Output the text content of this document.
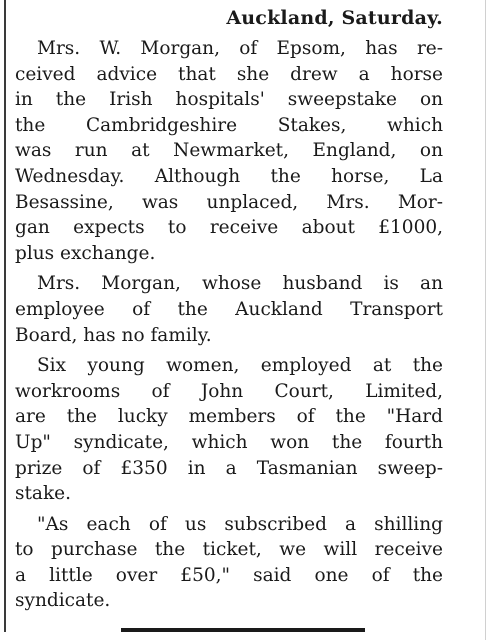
Auckland, Saturday.
Mrs. W. Morgan, of Epsom, has re-
ceived advice that she drew a horse
in the Irish hospitals' sweepstake on
the Cambridgeshire Stakes, which
was run at Newmarket, England, on
Wednesday. Although the horse, La
Besassine, was unplaced, Mrs. Mor-
gan expects to receive about £1000,
plus exchange.
Mrs. Morgan, whose husband is an
employee of the Auckland Transport
Board, has no family.
Six young women, employed at the
workrooms of John Court, Limited,
are the lucky members of the "Hard
Up" syndicate, which won the fourth
prize of £350 in a Tasmanian sweep-
stake.
"As each of us subscribed a shilling
to purchase the ticket, we will receive
a little over £50," said one of the
syndicate.
